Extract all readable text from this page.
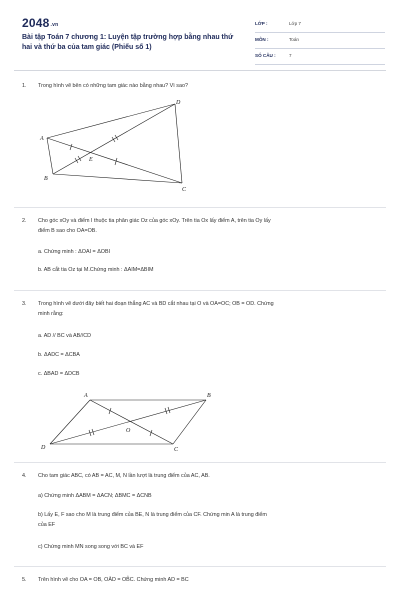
2048.vn
Bài tập Toán 7 chương 1: Luyện tập trường hợp bằng nhau thứ hai và thứ ba của tam giác (Phiếu số 1)
LỚP :	Lớp 7
MÔN :	Toán
SỐ CÂU :	7
1. Trong hình vẽ bên có những tam giác nào bằng nhau? Vì sao?
A
B
C
D
E
A	B
C
D
O
2. Cho góc xOy và điểm I thuộc tia phân giác Oz của góc xOy. Trên tia Ox lấy điểm A, trên tia Oy lấy
điểm B sao cho OA=OB.
a. Chứng minh : ΔOAI = ΔOBI
b. AB cắt tia Oz tại M.Chứng minh : ΔAIM=ΔBIM
3. Trong hình vẽ dưới đây biết hai đoạn thẳng AC và BD cắt nhau tại O và OA=OC; OB = OD. Chứng
minh rằng:
a. AD // BC và AB//CD
b. ΔADC = ΔCBA
c. ΔBAD = ΔDCB
4. Cho tam giác ABC, có AB = AC, M, N lần lượt là trung điểm của AC, AB.
a) Chứng minh ΔABM = ΔACN; ΔBMC = ΔCNB
b) Lấy E, F sao cho M là trung điểm của BE, N là trung điểm của CF. Chứng min A là trung điểm
của EF
c) Chứng minh MN song song với BC và EF
5. Trên hình vẽ cho OA = OB, OÂD = OB̂C. Chứng minh AD = BC
